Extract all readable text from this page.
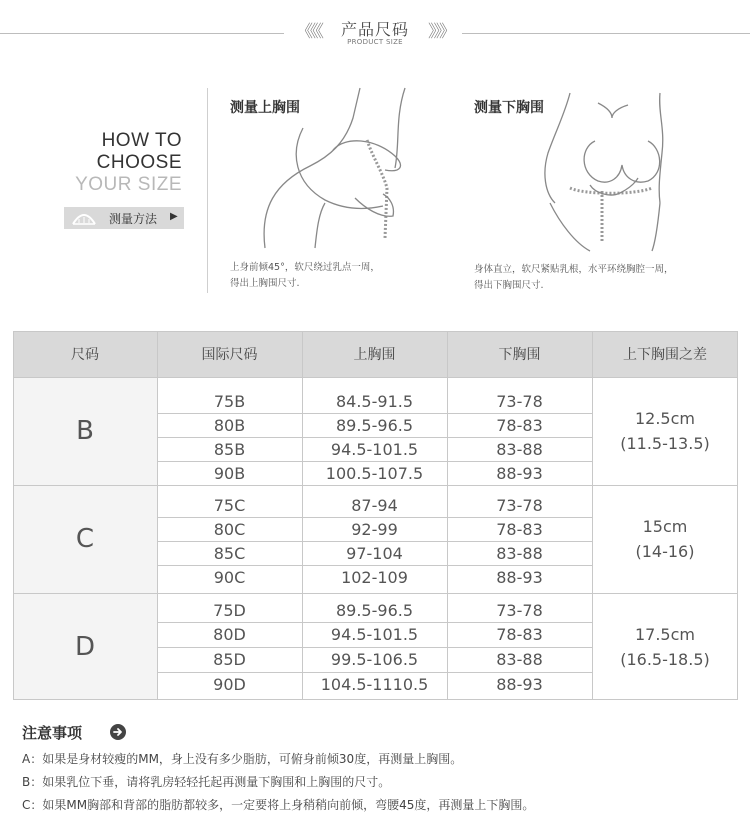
《《《	》》》
产品尺码
PRODUCT SIZE
HOW TO
CHOOSE
YOUR SIZE
测量方法 ▶
测量上胸围
上身前倾45°，软尺绕过乳点一周，
得出上胸围尺寸.
测量下胸围
身体直立，软尺紧贴乳根，水平环绕胸腔一周，
得出下胸围尺寸.
尺码	国际尺码	上胸围	下胸围	上下胸围之差
B
75B	84.5-91.5	73-78
80B	89.5-96.5	78-83
85B	94.5-101.5	83-88
90B	100.5-107.5	88-93
12.5cm
(11.5-13.5)
C
75C	87-94	73-78
80C	92-99	78-83
85C	97-104	83-88
90C	102-109	88-93
15cm
(14-16)
D
75D	89.5-96.5	73-78
80D	94.5-101.5	78-83
85D	99.5-106.5	83-88
90D	104.5-1110.5	88-93
17.5cm
(16.5-18.5)
注意事项
A：如果是身材较瘦的MM，身上没有多少脂肪，可俯身前倾30度，再测量上胸围。
B：如果乳位下垂，请将乳房轻轻托起再测量下胸围和上胸围的尺寸。
C：如果MM胸部和背部的脂肪都较多，一定要将上身稍稍向前倾，弯腰45度，再测量上下胸围。
